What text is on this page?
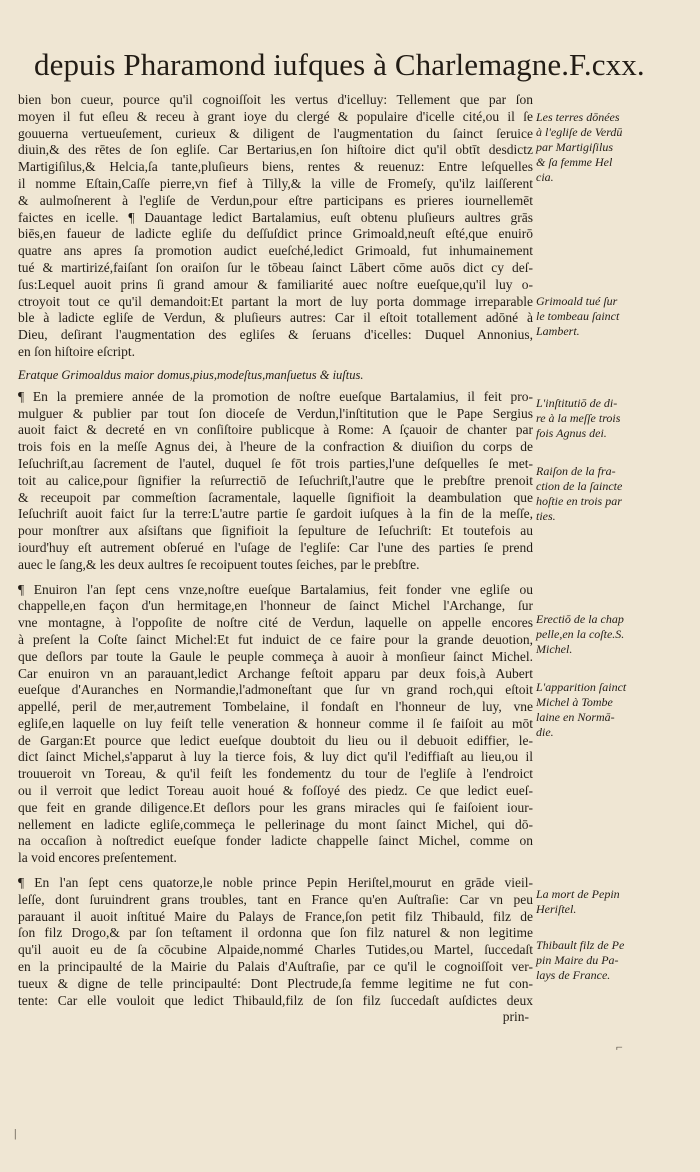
depuis Pharamond iufques à Charlemagne.F.cxx.
bien bon cueur, pource qu'il cognoiſſoit les vertus d'icelluy: Tellement que par ſon
moyen il fut eſleu & receu à grant ioye du clergé & populaire d'icelle cité,ou il ſe
gouuerna vertueuſement, curieux & diligent de l'augmentation du ſainct ſeruice
diuin,& des rētes de ſon egliſe. Car Bertarius,en ſon hiſtoire dict qu'il obtīt desdictz
Martigiſilus,& Helcia,ſa tante,pluſieurs biens, rentes & reuenuz: Entre leſquelles
il nomme Eſtain,Caſſe pierre,vn fief à Tilly,& la ville de Fromeſy, qu'ilz laiſſerent
& aulmoſnerent à l'egliſe de Verdun,pour eſtre participans es prieres iournellemēt
faictes en icelle. ¶ Dauantage ledict Bartalamius, euſt obtenu pluſieurs aultres grās
biēs,en faueur de ladicte egliſe du deſſuſdict prince Grimoald,neuſt eſté,que enuirō
quatre ans apres ſa promotion audict eueſché,ledict Grimoald, fut inhumainement
tué & martirizé,faiſant ſon oraiſon ſur le tōbeau ſainct Lābert cōme auōs dict cy deſ-
ſus:Lequel auoit prins ſi grand amour & familiarité auec noſtre eueſque,qu'il luy o-
ctroyoit tout ce qu'il demandoit:Et partant la mort de luy porta dommage irreparable
ble à ladicte egliſe de Verdun, & pluſieurs autres: Car il eſtoit totallement adōné à
Dieu, deſirant l'augmentation des egliſes & ſeruans d'icelles: Duquel Annonius,
en ſon hiſtoire eſcript.
Eratque Grimoaldus maior domus,pius,modeſtus,manſuetus & iuſtus.
¶ En la premiere année de la promotion de noſtre eueſque Bartalamius, il feit pro-
mulguer & publier par tout ſon dioceſe de Verdun,l'inſtitution que le Pape Sergius
auoit faict & decreté en vn conſiſtoire publicque à Rome: A ſçauoir de chanter par
trois fois en la meſſe Agnus dei, à l'heure de la confraction & diuiſion du corps de
Ieſuchriſt,au ſacrement de l'autel, duquel ſe fōt trois parties,l'une deſquelles ſe met-
toit au calice,pour ſignifier la reſurrectiō de Ieſuchriſt,l'autre que le prebſtre prenoit
& receupoit par commeſtion ſacramentale, laquelle ſignifioit la deambulation que
Ieſuchriſt auoit faict ſur la terre:L'autre partie ſe gardoit iuſques à la fin de la meſſe,
pour monſtrer aux aſsiſtans que ſignifioit la ſepulture de Ieſuchriſt: Et toutefois au
iourd'huy eſt autrement obſerué en l'uſage de l'egliſe: Car l'une des parties ſe prend
auec le ſang,& les deux aultres ſe recoipuent toutes ſeiches, par le prebſtre.
¶ Enuiron l'an ſept cens vnze,noſtre eueſque Bartalamius, feit fonder vne egliſe ou
chappelle,en façon d'un hermitage,en l'honneur de ſainct Michel l'Archange, ſur
vne montagne, à l'oppoſite de noſtre cité de Verdun, laquelle on appelle encores
à preſent la Coſte ſainct Michel:Et fut induict de ce faire pour la grande deuotion,
que deſlors par toute la Gaule le peuple commeça à auoir à monſieur ſainct Michel.
Car enuiron vn an parauant,ledict Archange feſtoit apparu par deux fois,à Aubert
eueſque d'Auranches en Normandie,l'admoneſtant que ſur vn grand roch,qui eſtoit
appellé, peril de mer,autrement Tombelaine, il fondaſt en l'honneur de luy, vne
egliſe,en laquelle on luy feiſt telle veneration & honneur comme il ſe faiſoit au mōt
de Gargan:Et pource que ledict eueſque doubtoit du lieu ou il debuoit ediffier, le-
dict ſainct Michel,s'apparut à luy la tierce fois, & luy dict qu'il l'ediffiaſt au lieu,ou il
trouueroit vn Toreau, & qu'il feiſt les fondementz du tour de l'egliſe à l'endroict
ou il verroit que ledict Toreau auoit houé & foſſoyé des piedz. Ce que ledict eueſ-
que feit en grande diligence.Et deſlors pour les grans miracles qui ſe faiſoient iour-
nellement en ladicte egliſe,commeça le pellerinage du mont ſainct Michel, qui dō-
na occaſion à noſtredict eueſque fonder ladicte chappelle ſainct Michel, comme on
la void encores preſentement.
¶ En l'an ſept cens quatorze,le noble prince Pepin Heriſtel,mourut en grāde vieil-
leſſe, dont ſuruindrent grans troubles, tant en France qu'en Auſtraſie: Car vn peu
parauant il auoit inſtitué Maire du Palays de France,ſon petit filz Thibauld, filz de
ſon filz Drogo,& par ſon teſtament il ordonna que ſon filz naturel & non legitime
qu'il auoit eu de ſa cōcubine Alpaide,nommé Charles Tutides,ou Martel, ſuccedaſt
en la principaulté de la Mairie du Palais d'Auſtraſie, par ce qu'il le cognoiſſoit ver-
tueux & digne de telle principaulté: Dont Plectrude,ſa femme legitime ne fut con-
tente: Car elle vouloit que ledict Thibauld,filz de ſon filz ſuccedaſt auſdictes deux
prin-
Les terres dōnées
à l'egliſe de Verdū
par Martigiſilus
& ſa femme Hel
cia.
Grimoald tué ſur
le tombeau ſainct
Lambert.
L'inſtitutiō de di-
re à la meſſe trois
fois Agnus dei.
Raiſon de la fra-
ction de la ſaincte
hoſtie en trois par
ties.
Erectiō de la chap
pelle,en la coſte.S.
Michel.
L'apparition ſainct
Michel à Tombe
laine en Normā-
die.
La mort de Pepin
Heriſtel.
Thibault filz de Pe
pin Maire du Pa-
lays de France.
⌐
|
